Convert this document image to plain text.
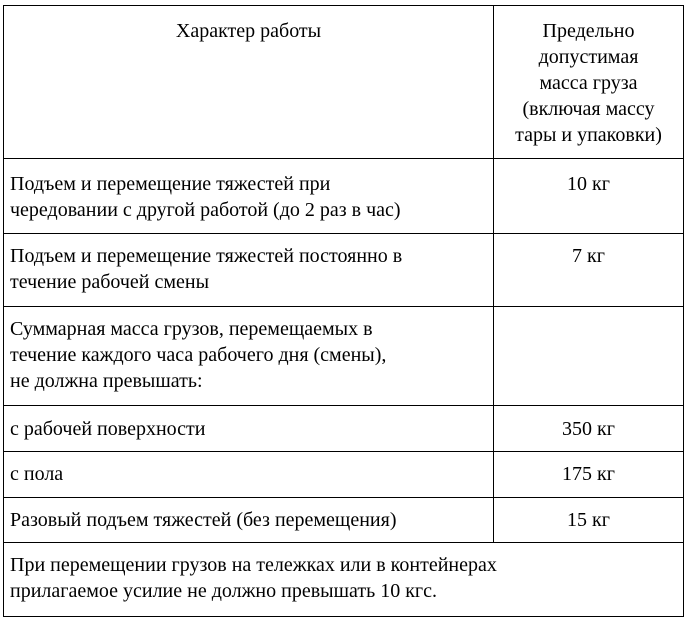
Характер работы	Предельно
допустимая
масса груза
(включая массу
тары и упаковки)

Подъем и перемещение тяжестей при
чередовании с другой работой (до 2 раз в час)	10 кг

Подъем и перемещение тяжестей постоянно в
течение рабочей смены	7 кг

Суммарная масса грузов, перемещаемых в
течение каждого часа рабочего дня (смены),
не должна превышать:	

с рабочей поверхности	350 кг

с пола	175 кг

Разовый подъем тяжестей (без перемещения)	15 кг

При перемещении грузов на тележках или в контейнерах
прилагаемое усилие не должно превышать 10 кгс.	
